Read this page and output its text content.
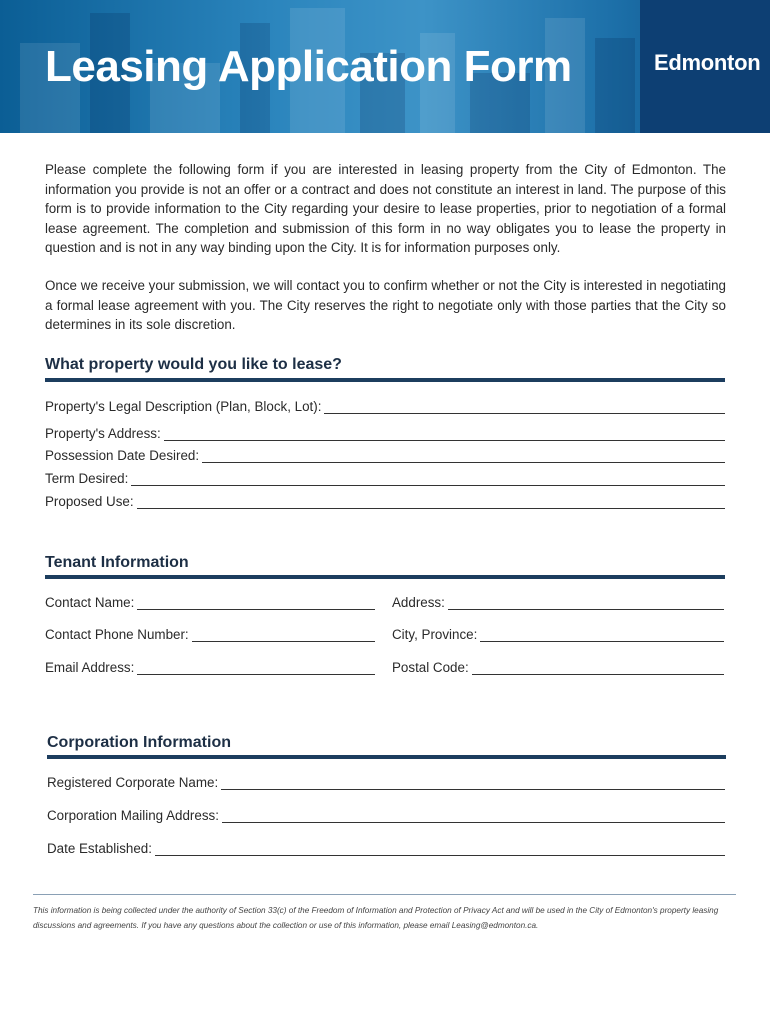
Leasing Application Form	Edmonton
Please complete the following form if you are interested in leasing property from the City of Edmonton. The information you provide is not an offer or a contract and does not constitute an interest in land. The purpose of this form is to provide information to the City regarding your desire to lease properties, prior to negotiation of a formal lease agreement. The completion and submission of this form in no way obligates you to lease the property in question and is not in any way binding upon the City. It is for information purposes only.
Once we receive your submission, we will contact you to confirm whether or not the City is interested in negotiating a formal lease agreement with you. The City reserves the right to negotiate only with those parties that the City so determines in its sole discretion.
What property would you like to lease?
Property's Legal Description (Plan, Block, Lot):
Property's Address:
Possession Date Desired:
Term Desired:
Proposed Use:
Tenant Information
Contact Name:	Address:
Contact Phone Number:	City, Province:
Email Address:	Postal Code:
Corporation Information
Registered Corporate Name:
Corporation Mailing Address:
Date Established:
This information is being collected under the authority of Section 33(c) of the Freedom of Information and Protection of Privacy Act and will be used in the City of Edmonton's property leasing discussions and agreements. If you have any questions about the collection or use of this information, please email Leasing@edmonton.ca.
